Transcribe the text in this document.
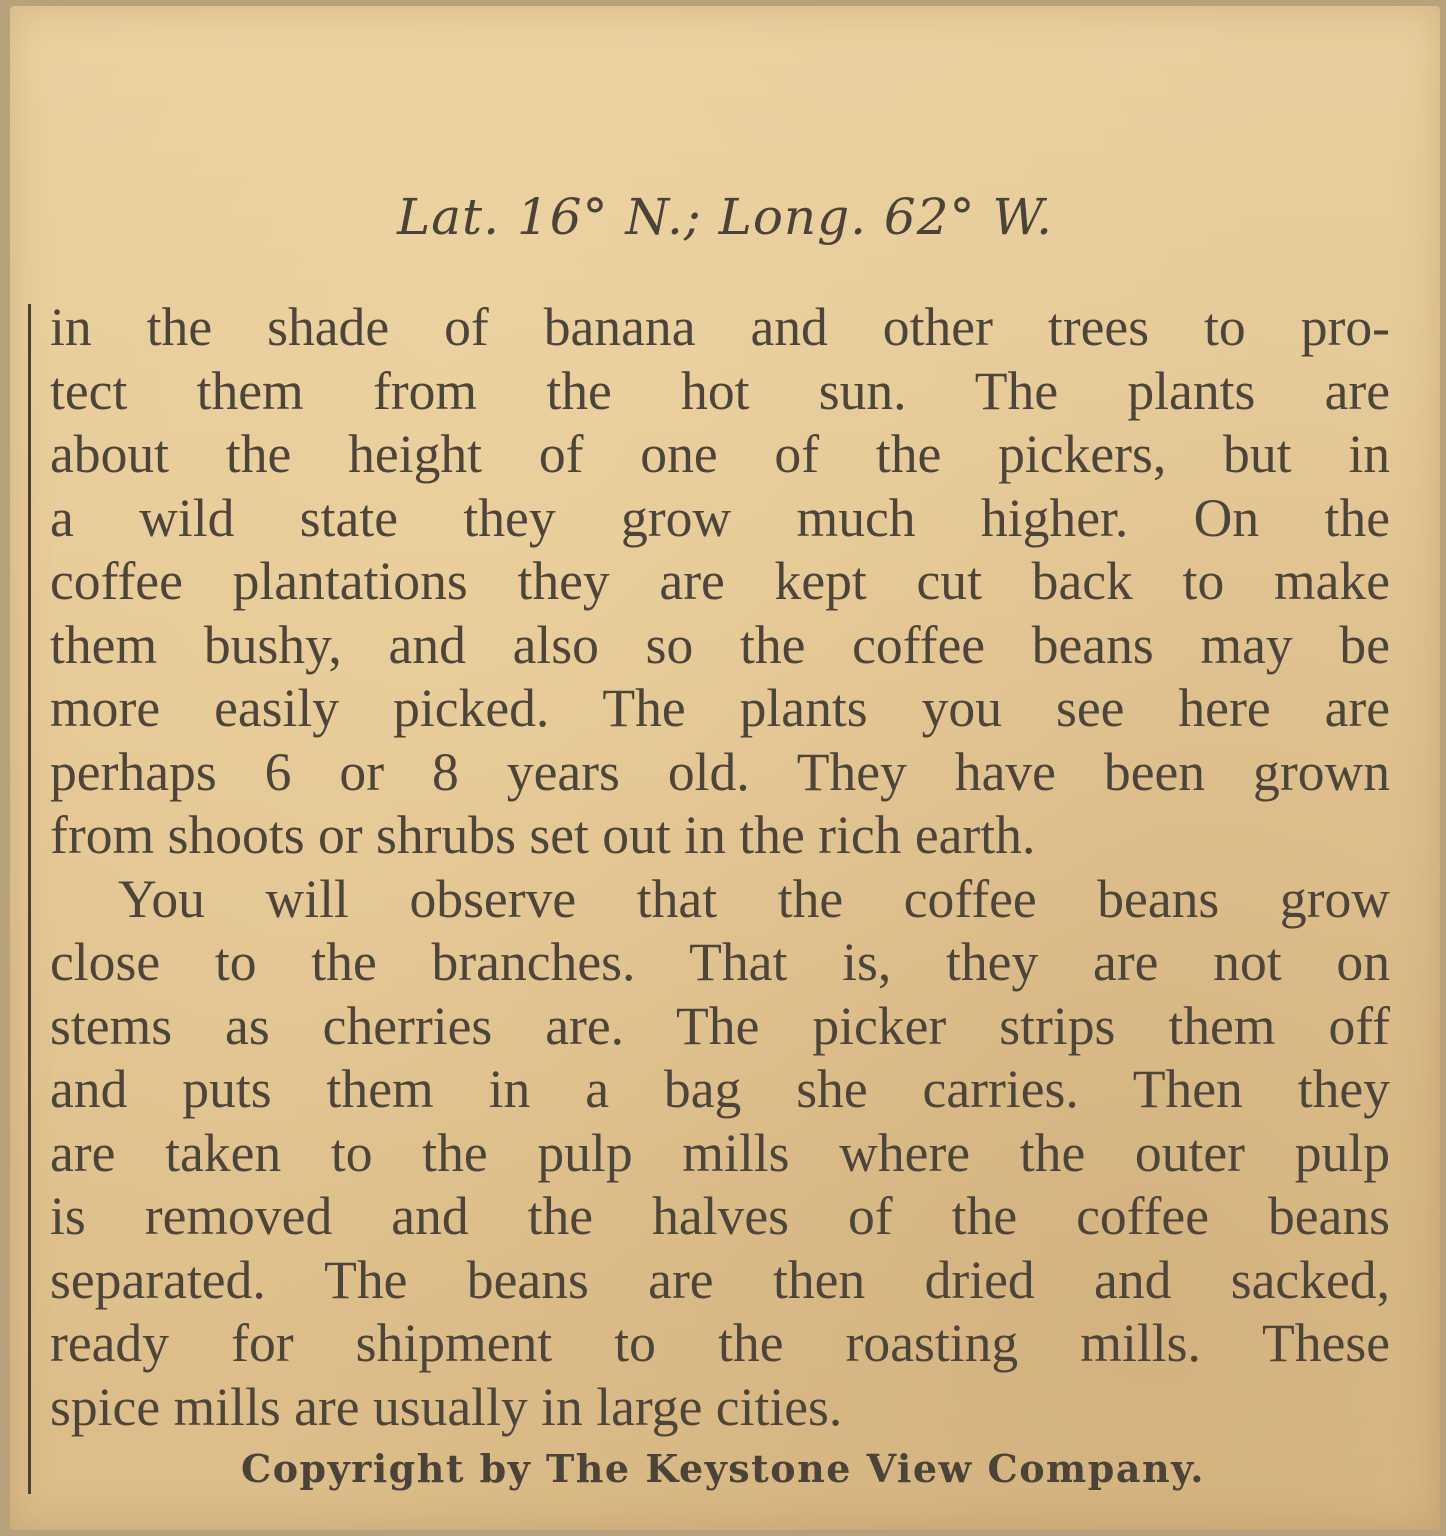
Lat. 16° N.; Long. 62° W.
in the shade of banana and other trees to pro-
tect them from the hot sun. The plants are
about the height of one of the pickers, but in
a wild state they grow much higher. On the
coffee plantations they are kept cut back to make
them bushy, and also so the coffee beans may be
more easily picked. The plants you see here are
perhaps 6 or 8 years old. They have been grown
from shoots or shrubs set out in the rich earth.
You will observe that the coffee beans grow
close to the branches. That is, they are not on
stems as cherries are. The picker strips them off
and puts them in a bag she carries. Then they
are taken to the pulp mills where the outer pulp
is removed and the halves of the coffee beans
separated. The beans are then dried and sacked,
ready for shipment to the roasting mills. These
spice mills are usually in large cities.
Copyright by The Keystone View Company.
